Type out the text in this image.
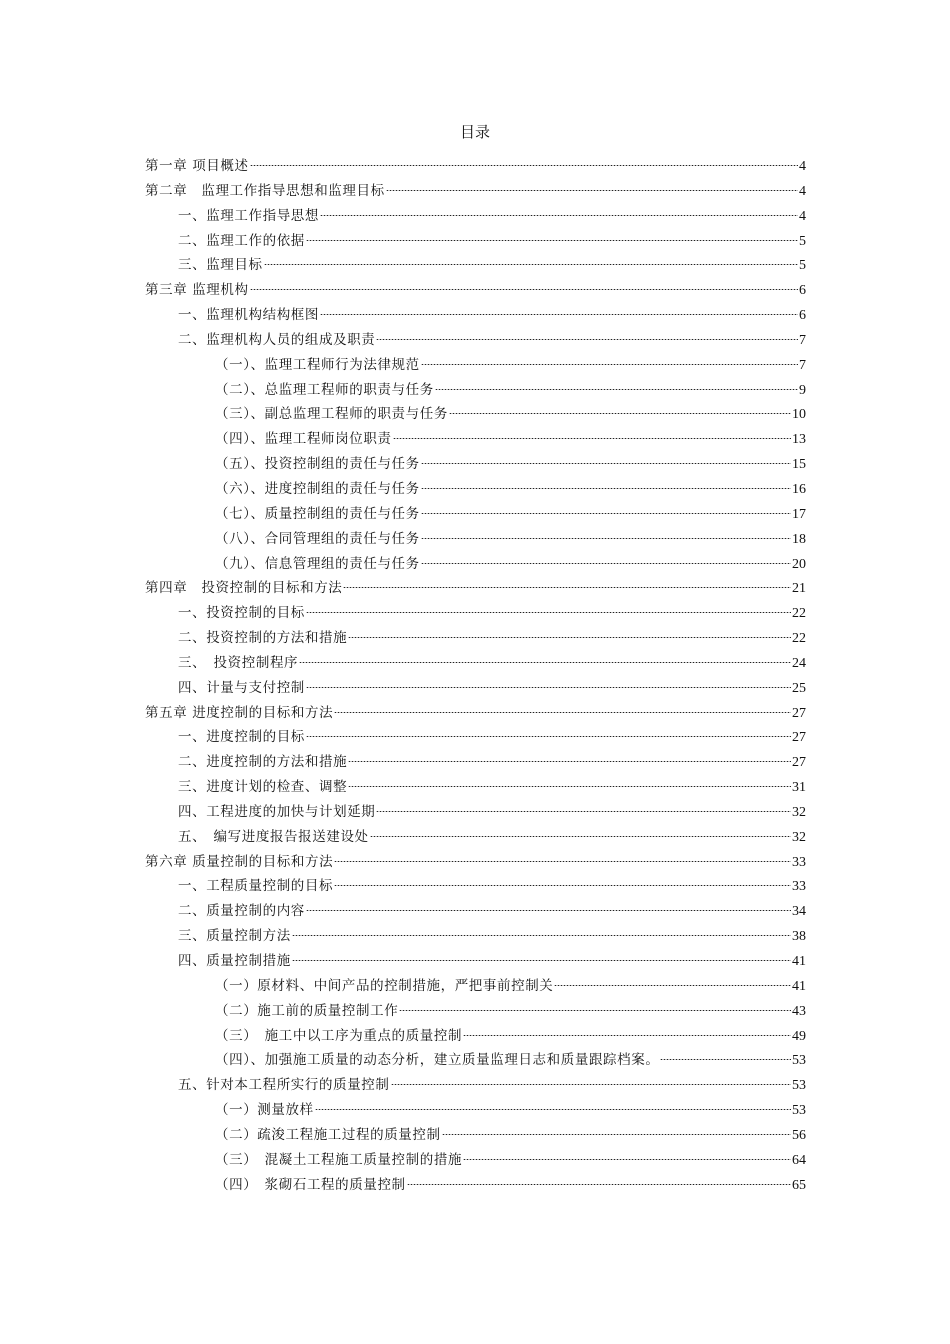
目录
第一章 项目概述	4
第二章　监理工作指导思想和监理目标	4
一、监理工作指导思想	4
二、监理工作的依据	5
三、监理目标	5
第三章 监理机构	6
一、监理机构结构框图	6
二、监理机构人员的组成及职责	7
（一）、监理工程师行为法律规范	7
（二）、总监理工程师的职责与任务	9
（三）、副总监理工程师的职责与任务	10
（四）、监理工程师岗位职责	13
（五）、投资控制组的责任与任务	15
（六）、进度控制组的责任与任务	16
（七）、质量控制组的责任与任务	17
（八）、合同管理组的责任与任务	18
（九）、信息管理组的责任与任务	20
第四章　投资控制的目标和方法	21
一、投资控制的目标	22
二、投资控制的方法和措施	22
三、　投资控制程序	24
四、计量与支付控制	25
第五章 进度控制的目标和方法	27
一、进度控制的目标	27
二、进度控制的方法和措施	27
三、进度计划的检查、调整	31
四、工程进度的加快与计划延期	32
五、　编写进度报告报送建设处	32
第六章 质量控制的目标和方法	33
一、工程质量控制的目标	33
二、质量控制的内容	34
三、质量控制方法	38
四、质量控制措施	41
（一）原材料、中间产品的控制措施，严把事前控制关	41
（二）施工前的质量控制工作	43
（三）　施工中以工序为重点的质量控制	49
（四）、加强施工质量的动态分析，建立质量监理日志和质量跟踪档案。	53
五、针对本工程所实行的质量控制	53
（一）测量放样	53
（二）疏浚工程施工过程的质量控制	56
（三）　混凝土工程施工质量控制的措施	64
（四）　浆砌石工程的质量控制	65
